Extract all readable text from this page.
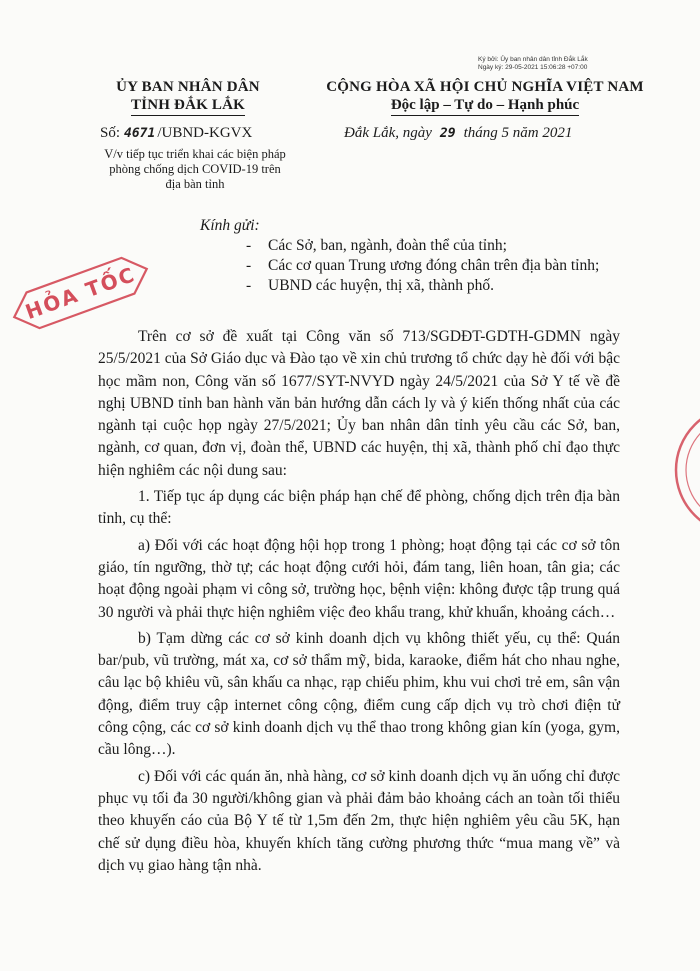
Ký bởi: Ủy ban nhân dân tỉnh Đắk Lắk
Ngày ký: 29-05-2021 15:06:28 +07:00
ỦY BAN NHÂN DÂN
TỈNH ĐẮK LẮK
Số: 4671 /UBND-KGVX
V/v tiếp tục triển khai các biện pháp
phòng chống dịch COVID-19 trên
địa bàn tỉnh
CỘNG HÒA XÃ HỘI CHỦ NGHĨA VIỆT NAM
Độc lập – Tự do – Hạnh phúc
Đắk Lắk, ngày 29 tháng 5 năm 2021
HỎA TỐC
Kính gửi:
- Các Sở, ban, ngành, đoàn thể của tỉnh;
- Các cơ quan Trung ương đóng chân trên địa bàn tỉnh;
- UBND các huyện, thị xã, thành phố.

Trên cơ sở đề xuất tại Công văn số 713/SGDĐT-GDTH-GDMN ngày 25/5/2021 của Sở Giáo dục và Đào tạo về xin chủ trương tổ chức dạy hè đối với bậc học mầm non, Công văn số 1677/SYT-NVYD ngày 24/5/2021 của Sở Y tế về đề nghị UBND tỉnh ban hành văn bản hướng dẫn cách ly và ý kiến thống nhất của các ngành tại cuộc họp ngày 27/5/2021; Ủy ban nhân dân tỉnh yêu cầu các Sở, ban, ngành, cơ quan, đơn vị, đoàn thể, UBND các huyện, thị xã, thành phố chỉ đạo thực hiện nghiêm các nội dung sau:

1. Tiếp tục áp dụng các biện pháp hạn chế để phòng, chống dịch trên địa bàn tỉnh, cụ thể:

a) Đối với các hoạt động hội họp trong 1 phòng; hoạt động tại các cơ sở tôn giáo, tín ngưỡng, thờ tự; các hoạt động cưới hỏi, đám tang, liên hoan, tân gia; các hoạt động ngoài phạm vi công sở, trường học, bệnh viện: không được tập trung quá 30 người và phải thực hiện nghiêm việc đeo khẩu trang, khử khuẩn, khoảng cách…

b) Tạm dừng các cơ sở kinh doanh dịch vụ không thiết yếu, cụ thể: Quán bar/pub, vũ trường, mát xa, cơ sở thẩm mỹ, bida, karaoke, điểm hát cho nhau nghe, câu lạc bộ khiêu vũ, sân khấu ca nhạc, rạp chiếu phim, khu vui chơi trẻ em, sân vận động, điểm truy cập internet công cộng, điểm cung cấp dịch vụ trò chơi điện tử công cộng, các cơ sở kinh doanh dịch vụ thể thao trong không gian kín (yoga, gym, cầu lông…).

c) Đối với các quán ăn, nhà hàng, cơ sở kinh doanh dịch vụ ăn uống chỉ được phục vụ tối đa 30 người/không gian và phải đảm bảo khoảng cách an toàn tối thiểu theo khuyến cáo của Bộ Y tế từ 1,5m đến 2m, thực hiện nghiêm yêu cầu 5K, hạn chế sử dụng điều hòa, khuyến khích tăng cường phương thức “mua mang về” và dịch vụ giao hàng tận nhà.
